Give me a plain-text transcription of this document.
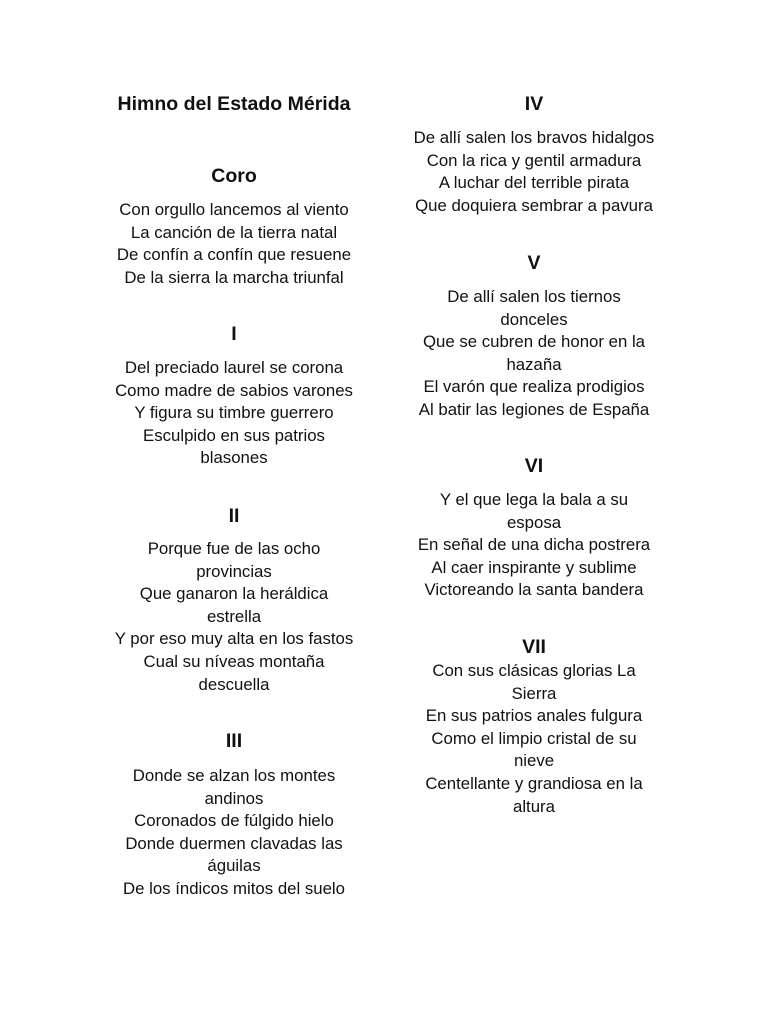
Himno del Estado Mérida
Coro

Con orgullo lancemos al viento
La canción de la tierra natal
De confín a confín que resuene
De la sierra la marcha triunfal

I

Del preciado laurel se corona
Como madre de sabios varones
Y figura su timbre guerrero
Esculpido en sus patrios
blasones

II

Porque fue de las ocho
provincias
Que ganaron la heráldica
estrella
Y por eso muy alta en los fastos
Cual su níveas montaña
descuella

III

Donde se alzan los montes
andinos
Coronados de fúlgido hielo
Donde duermen clavadas las
águilas
De los índicos mitos del suelo

IV

De allí salen los bravos hidalgos
Con la rica y gentil armadura
A luchar del terrible pirata
Que doquiera sembrar a pavura

V

De allí salen los tiernos
donceles
Que se cubren de honor en la
hazaña
El varón que realiza prodigios
Al batir las legiones de España

VI

Y el que lega la bala a su
esposa
En señal de una dicha postrera
Al caer inspirante y sublime
Victoreando la santa bandera

VII

Con sus clásicas glorias La
Sierra
En sus patrios anales fulgura
Como el limpio cristal de su
nieve
Centellante y grandiosa en la
altura
